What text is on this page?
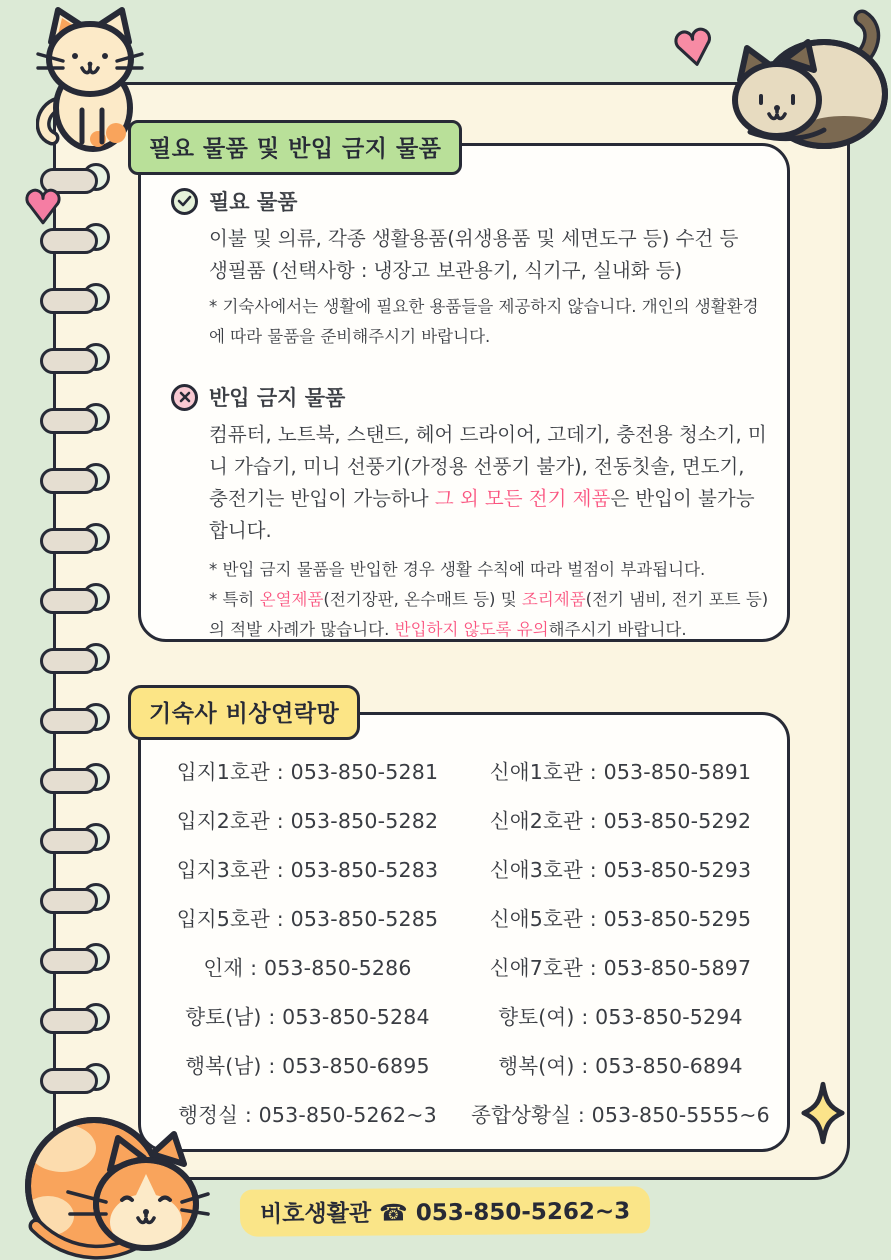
필요 물품

이불 및 의류, 각종 생활용품(위생용품 및 세면도구 등) 수건 등
생필품 (선택사항 : 냉장고 보관용기, 식기구, 실내화 등)

* 기숙사에서는 생활에 필요한 용품들을 제공하지 않습니다. 개인의 생활환경에 따라 물품을 준비해주시기 바랍니다.

반입 금지 물품

컴퓨터, 노트북, 스탠드, 헤어 드라이어, 고데기, 충전용 청소기, 미니 가습기, 미니 선풍기(가정용 선풍기 불가), 전동칫솔, 면도기, 충전기는 반입이 가능하나 그 외 모든 전기 제품은 반입이 불가능합니다.

* 반입 금지 물품을 반입한 경우 생활 수칙에 따라 벌점이 부과됩니다.

* 특히 온열제품(전기장판, 온수매트 등) 및 조리제품(전기 냄비, 전기 포트 등)의 적발 사례가 많습니다. 반입하지 않도록 유의해주시기 바랍니다.

필요 물품 및 반입 금지 물품
입지1호관 : 053-850-5281	신애1호관 : 053-850-5891
입지2호관 : 053-850-5282	신애2호관 : 053-850-5292
입지3호관 : 053-850-5283	신애3호관 : 053-850-5293
입지5호관 : 053-850-5285	신애5호관 : 053-850-5295
인재 : 053-850-5286	신애7호관 : 053-850-5897
향토(남) : 053-850-5284	향토(여) : 053-850-5294
행복(남) : 053-850-6895	행복(여) : 053-850-6894
행정실 : 053-850-5262~3	종합상황실 : 053-850-5555~6
기숙사 비상연락망
비호생활관 ☎ 053-850-5262~3
